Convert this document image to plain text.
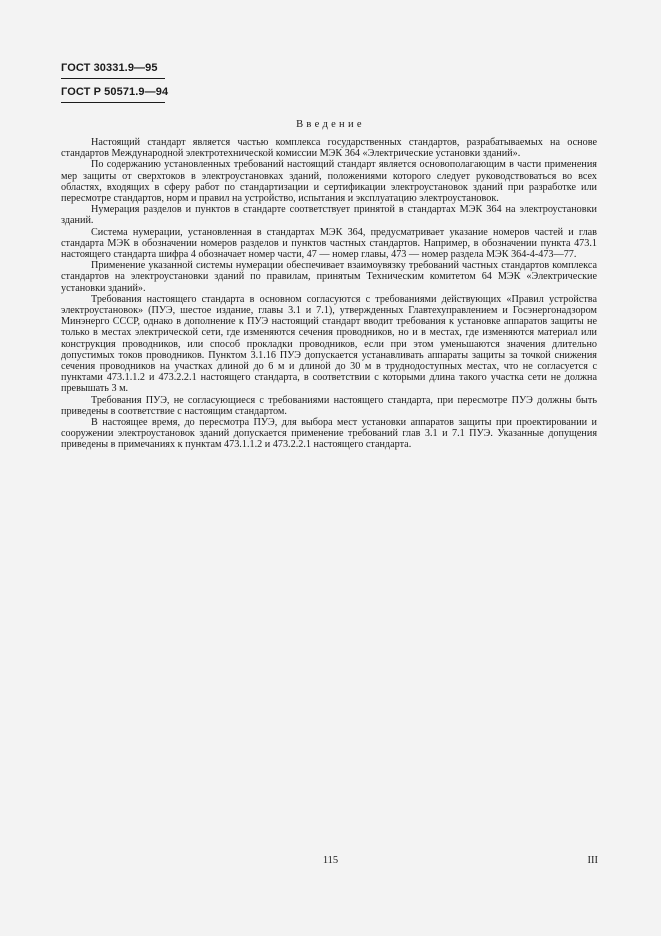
ГОСТ 30331.9—95
ГОСТ Р 50571.9—94
Введение

Настоящий стандарт является частью комплекса государственных стандартов, разрабатываемых на основе стандартов Международной электротехнической комиссии МЭК 364 «Электрические установки зданий».

По содержанию установленных требований настоящий стандарт является основополагающим в части применения мер защиты от сверхтоков в электроустановках зданий, положениями которого следует руководствоваться во всех областях, входящих в сферу работ по стандартизации и сертификации электроустановок зданий при разработке или пересмотре стандартов, норм и правил на устройство, испытания и эксплуатацию электроустановок.

Нумерация разделов и пунктов в стандарте соответствует принятой в стандартах МЭК 364 на электроустановки зданий.

Система нумерации, установленная в стандартах МЭК 364, предусматривает указание номеров частей и глав стандарта МЭК в обозначении номеров разделов и пунктов частных стандартов. Например, в обозначении пункта 473.1 настоящего стандарта шифра 4 обозначает номер части, 47 — номер главы, 473 — номер раздела МЭК 364-4-473—77.

Применение указанной системы нумерации обеспечивает взаимоувязку требований частных стандартов комплекса стандартов на электроустановки зданий по правилам, принятым Техническим комитетом 64 МЭК «Электрические установки зданий».

Требования настоящего стандарта в основном согласуются с требованиями действующих «Правил устройства электроустановок» (ПУЭ, шестое издание, главы 3.1 и 7.1), утвержденных Главтехуправлением и Госэнергонадзором Минэнерго СССР, однако в дополнение к ПУЭ настоящий стандарт вводит требования к установке аппаратов защиты не только в местах электрической сети, где изменяются сечения проводников, но и в местах, где изменяются материал или конструкция проводников, или способ прокладки проводников, если при этом уменьшаются значения длительно допустимых токов проводников. Пунктом 3.1.16 ПУЭ допускается устанавливать аппараты защиты за точкой снижения сечения проводников на участках длиной до 6 м и длиной до 30 м в труднодоступных местах, что не согласуется с пунктами 473.1.1.2 и 473.2.2.1 настоящего стандарта, в соответствии с которыми длина такого участка сети не должна превышать 3 м.

Требования ПУЭ, не согласующиеся с требованиями настоящего стандарта, при пересмотре ПУЭ должны быть приведены в соответствие с настоящим стандартом.

В настоящее время, до пересмотра ПУЭ, для выбора мест установки аппаратов защиты при проектировании и сооружении электроустановок зданий допускается применение требований глав 3.1 и 7.1 ПУЭ. Указанные допущения приведены в примечаниях к пунктам 473.1.1.2 и 473.2.2.1 настоящего стандарта.

115	III
